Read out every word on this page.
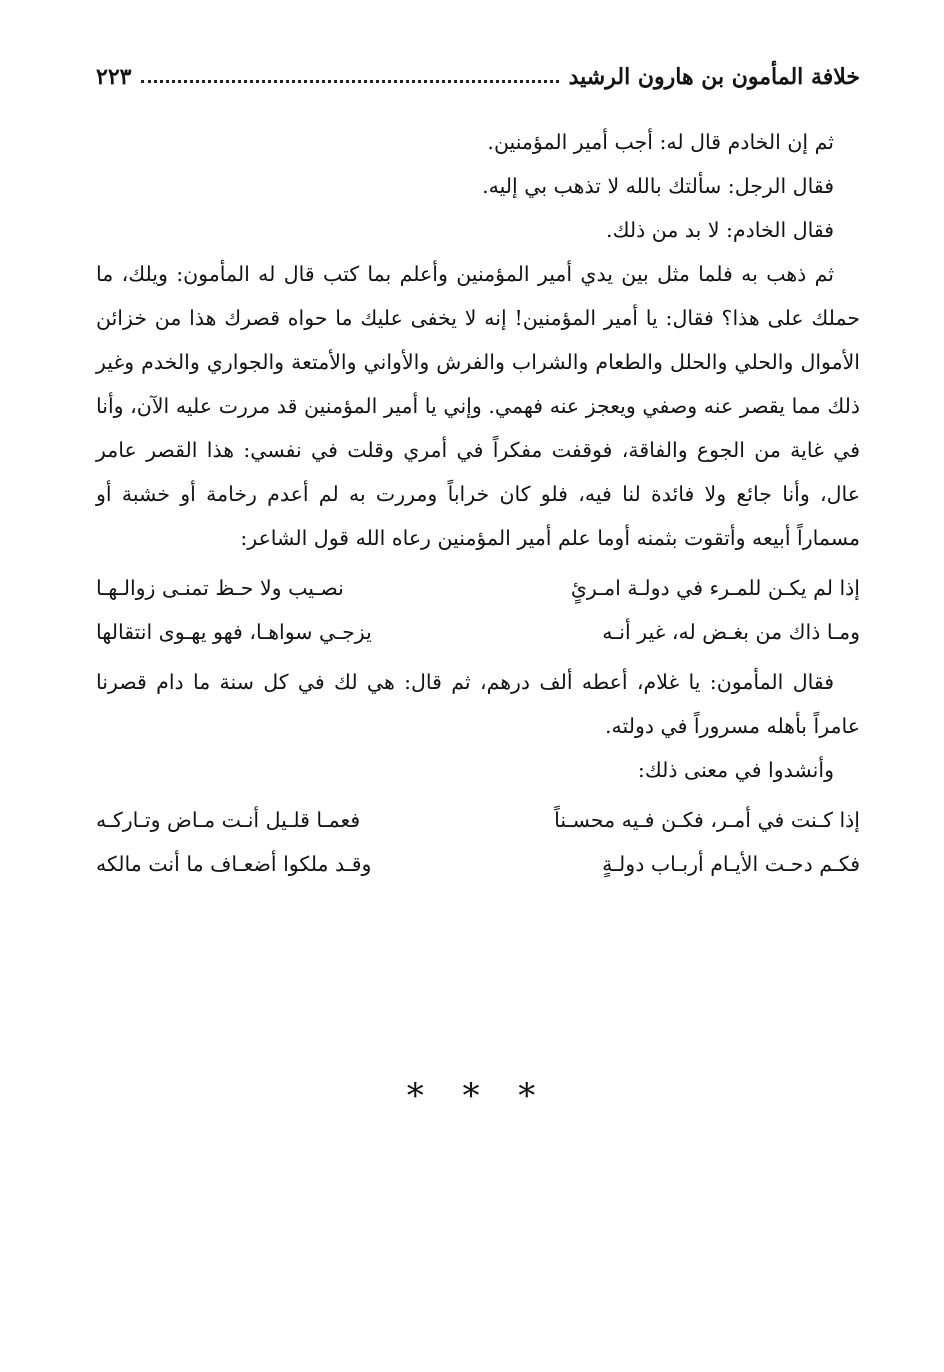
خلافة المأمون بن هارون الرشيد
٢٢٣

ثم إن الخادم قال له: أجب أمير المؤمنين.

فقال الرجل: سألتك بالله لا تذهب بي إليه.

فقال الخادم: لا بد من ذلك.

ثم ذهب به فلما مثل بين يدي أمير المؤمنين وأعلم بما كتب قال له المأمون: ويلك، ما حملك على هذا؟ فقال: يا أمير المؤمنين! إنه لا يخفى عليك ما حواه قصرك هذا من خزائن الأموال والحلي والحلل والطعام والشراب والفرش والأواني والأمتعة والجواري والخدم وغير ذلك مما يقصر عنه وصفي ويعجز عنه فهمي. وإني يا أمير المؤمنين قد مررت عليه الآن، وأنا في غاية من الجوع والفاقة، فوقفت مفكراً في أمري وقلت في نفسي: هذا القصر عامر عال، وأنا جائع ولا فائدة لنا فيه، فلو كان خراباً ومررت به لم أعدم رخامة أو خشبة أو مسماراً أبيعه وأتقوت بثمنه أوما علم أمير المؤمنين رعاه الله قول الشاعر:

إذا لم يكـن للمـرء في دولـة امـرئٍ
نصـيب ولا حـظ تمنـى زوالـهـا
ومـا ذاك من بغـض له، غير أنـه
يزجـي سواهـا، فهو يهـوى انتقالها

فقال المأمون: يا غلام، أعطه ألف درهم، ثم قال: هي لك في كل سنة ما دام قصرنا عامراً بأهله مسروراً في دولته.

وأنشدوا في معنى ذلك:

إذا كـنت في أمـر، فكـن فـيه محسـناً
فعمـا قلـيل أنـت مـاض وتـاركـه
فكـم دحـت الأيـام أربـاب دولـةٍ
وقـد ملكوا أضعـاف ما أنت مالكه
* * *
